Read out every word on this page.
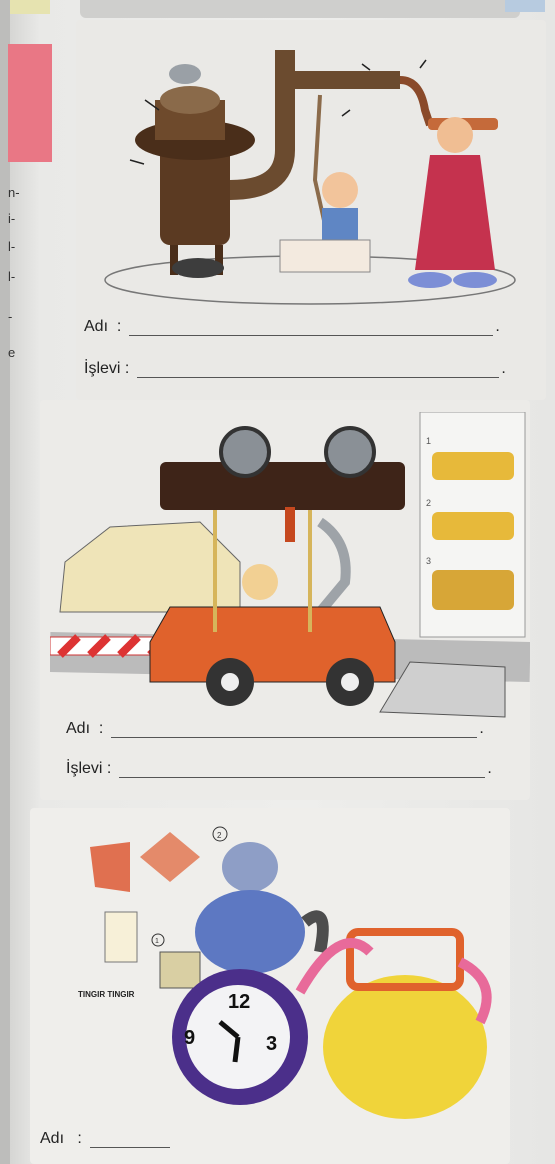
n-
i-
l-
l-
-
e
Adı :	.
İşlevi :	.
1
2
3
Adı :	.
İşlevi :	.
2
1
TINGIR TINGIR	12
3
9
Adı :
